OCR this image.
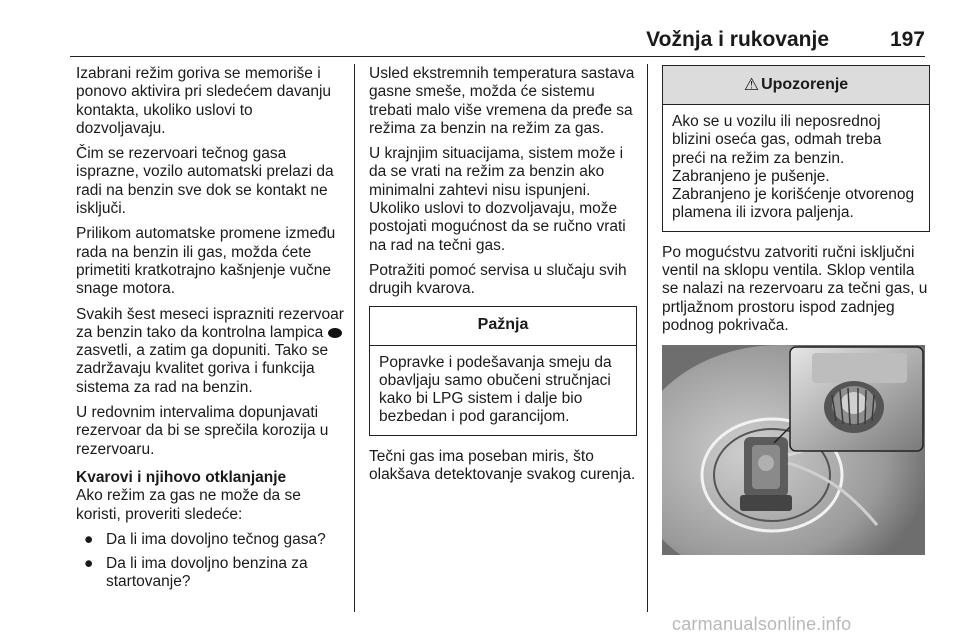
Vožnja i rukovanje	197

Izabrani režim goriva se memoriše i ponovo aktivira pri sledećem davanju kontakta, ukoliko uslovi to dozvoljavaju.

Čim se rezervoari tečnog gasa isprazne, vozilo automatski prelazi da radi na benzin sve dok se kontakt ne isključi.

Prilikom automatske promene između rada na benzin ili gas, možda ćete primetiti kratkotrajno kašnjenje vučne snage motora.

Svakih šest meseci isprazniti rezervoar za benzin tako da kontrolna lampica  zasvetli, a zatim ga dopuniti. Tako se zadržavaju kvalitet goriva i funkcija sistema za rad na benzin.

U redovnim intervalima dopunjavati rezervoar da bi se sprečila korozija u rezervoaru.

Kvarovi i njihovo otklanjanje

Ako režim za gas ne može da se koristi, proveriti sledeće:

● Da li ima dovoljno tečnog gasa?
● Da li ima dovoljno benzina za startovanje?

Usled ekstremnih temperatura sastava gasne smeše, možda će sistemu trebati malo više vremena da pređe sa režima za benzin na režim za gas.

U krajnjim situacijama, sistem može i da se vrati na režim za benzin ako minimalni zahtevi nisu ispunjeni. Ukoliko uslovi to dozvoljavaju, može postojati mogućnost da se ručno vrati na rad na tečni gas.

Potražiti pomoć servisa u slučaju svih drugih kvarova.

Pažnja
Popravke i podešavanja smeju da obavljaju samo obučeni stručnjaci kako bi LPG sistem i dalje bio bezbedan i pod garancijom.

Tečni gas ima poseban miris, što olakšava detektovanje svakog curenja.

⚠ Upozorenje
Ako se u vozilu ili neposrednoj blizini oseća gas, odmah treba preći na režim za benzin.
Zabranjeno je pušenje.
Zabranjeno je korišćenje otvorenog plamena ili izvora paljenja.

Po mogućstvu zatvoriti ručni isključni ventil na sklopu ventila. Sklop ventila se nalazi na rezervoaru za tečni gas, u prtljažnom prostoru ispod zadnjeg podnog pokrivača.

carmanualsonline.info
